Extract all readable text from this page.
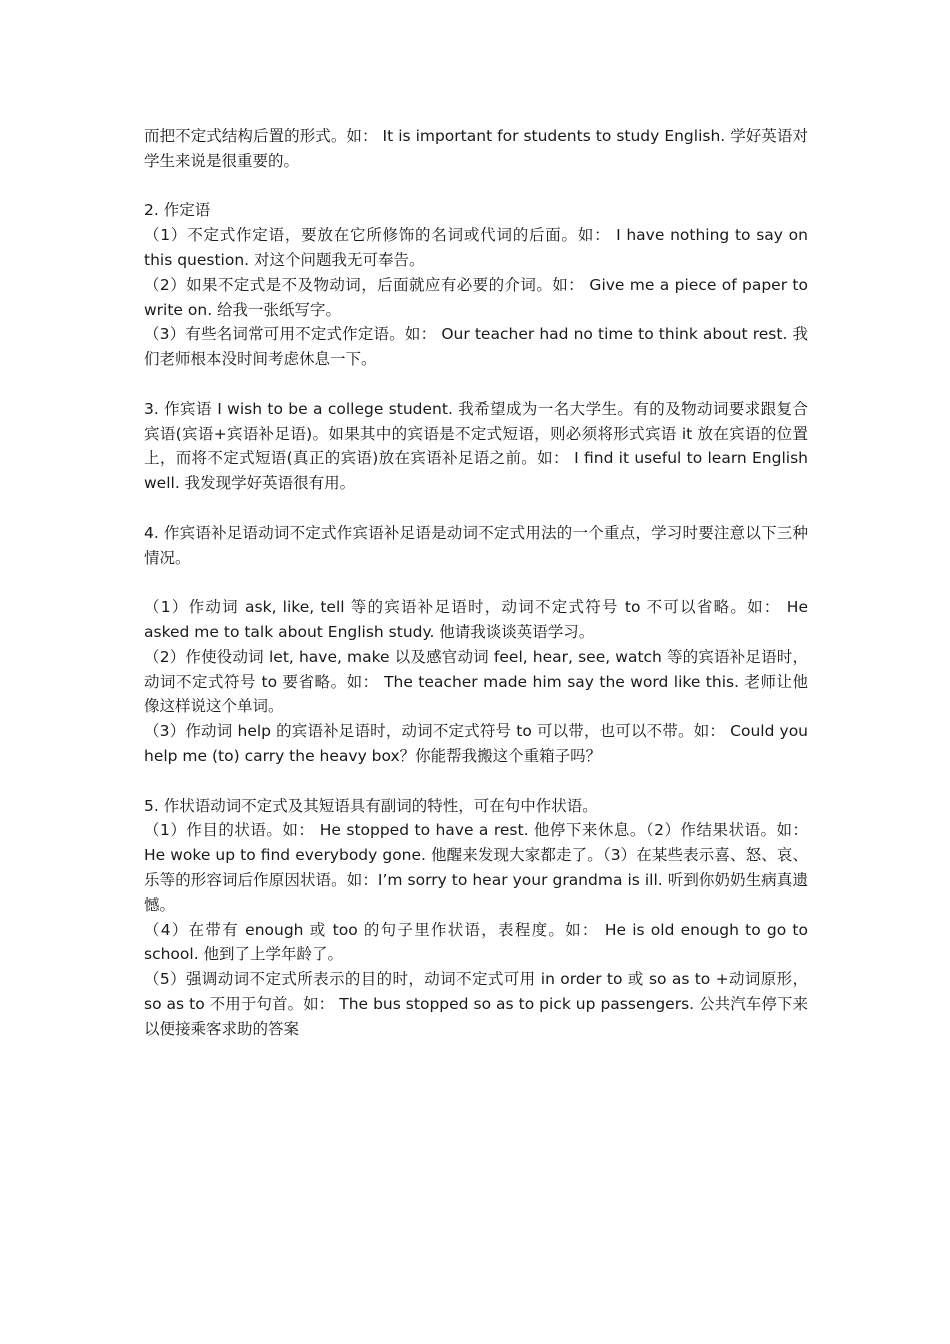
而把不定式结构后置的形式。如： It is important for students to study English. 学好英语对学生来说是很重要的。

2. 作定语

（1）不定式作定语，要放在它所修饰的名词或代词的后面。如： I have nothing to say on this question. 对这个问题我无可奉告。

（2）如果不定式是不及物动词，后面就应有必要的介词。如： Give me a piece of paper to write on. 给我一张纸写字。

（3）有些名词常可用不定式作定语。如： Our teacher had no time to think about rest. 我们老师根本没时间考虑休息一下。

3. 作宾语 I wish to be a college student. 我希望成为一名大学生。有的及物动词要求跟复合宾语(宾语+宾语补足语)。如果其中的宾语是不定式短语，则必须将形式宾语 it 放在宾语的位置上，而将不定式短语(真正的宾语)放在宾语补足语之前。如： I find it useful to learn English well. 我发现学好英语很有用。

4. 作宾语补足语动词不定式作宾语补足语是动词不定式用法的一个重点，学习时要注意以下三种情况。

（1）作动词 ask, like, tell 等的宾语补足语时，动词不定式符号 to 不可以省略。如： He asked me to talk about English study. 他请我谈谈英语学习。

（2）作使役动词 let, have, make 以及感官动词 feel, hear, see, watch 等的宾语补足语时，动词不定式符号 to 要省略。如： The teacher made him say the word like this. 老师让他像这样说这个单词。

（3）作动词 help 的宾语补足语时，动词不定式符号 to 可以带，也可以不带。如： Could you help me (to) carry the heavy box？你能帮我搬这个重箱子吗？

5. 作状语动词不定式及其短语具有副词的特性，可在句中作状语。

（1）作目的状语。如： He stopped to have a rest. 他停下来休息。（2）作结果状语。如： He woke up to find everybody gone. 他醒来发现大家都走了。（3）在某些表示喜、怒、哀、乐等的形容词后作原因状语。如：I’m sorry to hear your grandma is ill. 听到你奶奶生病真遗憾。

（4）在带有 enough 或 too 的句子里作状语，表程度。如： He is old enough to go to school. 他到了上学年龄了。

（5）强调动词不定式所表示的目的时，动词不定式可用 in order to 或 so as to +动词原形，so as to 不用于句首。如： The bus stopped so as to pick up passengers. 公共汽车停下来以便接乘客求助的答案
